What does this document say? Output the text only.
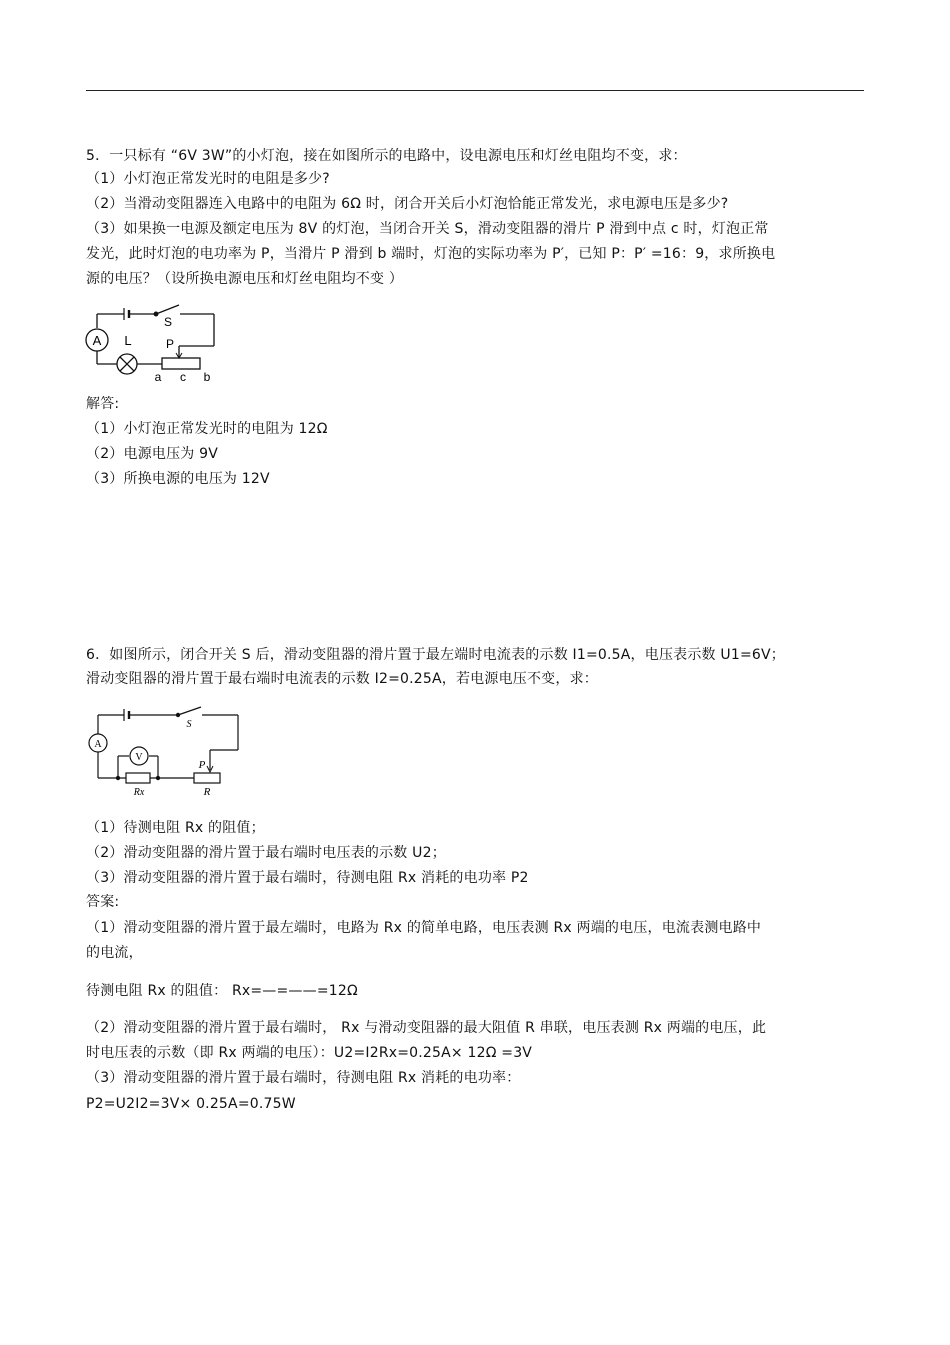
5．一只标有 “6V 3W”的小灯泡，接在如图所示的电路中，设电源电压和灯丝电阻均不变，求：
（1）小灯泡正常发光时的电阻是多少?
（2）当滑动变阻器连入电路中的电阻为 6Ω 时，闭合开关后小灯泡恰能正常发光，求电源电压是多少?
（3）如果换一电源及额定电压为 8V 的灯泡，当闭合开关 S，滑动变阻器的滑片 P 滑到中点 c 时，灯泡正常
发光，此时灯泡的电功率为 P，当滑片 P 滑到 b 端时，灯泡的实际功率为 P′，已知 P：P′ =16：9，求所换电
源的电压？（设所换电源电压和灯丝电阻均不变 ）
A L
S
P
a c b
解答:
（1）小灯泡正常发光时的电阻为 12Ω
（2）电源电压为 9V
（3）所换电源的电压为 12V
6．如图所示，闭合开关 S 后，滑动变阻器的滑片置于最左端时电流表的示数 I1=0.5A，电压表示数 U1=6V；
滑动变阻器的滑片置于最右端时电流表的示数 I2=0.25A，若电源电压不变，求：
A
V
S
P
Rx	R
（1）待测电阻 Rx 的阻值；
（2）滑动变阻器的滑片置于最右端时电压表的示数 U2；
（3）滑动变阻器的滑片置于最右端时，待测电阻 Rx 消耗的电功率 P2
答案:
（1）滑动变阻器的滑片置于最左端时，电路为 Rx 的简单电路，电压表测 Rx 两端的电压，电流表测电路中
的电流，
待测电阻 Rx 的阻值： Rx=—=——=12Ω
（2）滑动变阻器的滑片置于最右端时， Rx 与滑动变阻器的最大阻值 R 串联，电压表测 Rx 两端的电压，此
时电压表的示数（即 Rx 两端的电压）：U2=I2Rx=0.25A× 12Ω =3V
（3）滑动变阻器的滑片置于最右端时，待测电阻 Rx 消耗的电功率：
P2=U2I2=3V× 0.25A=0.75W
